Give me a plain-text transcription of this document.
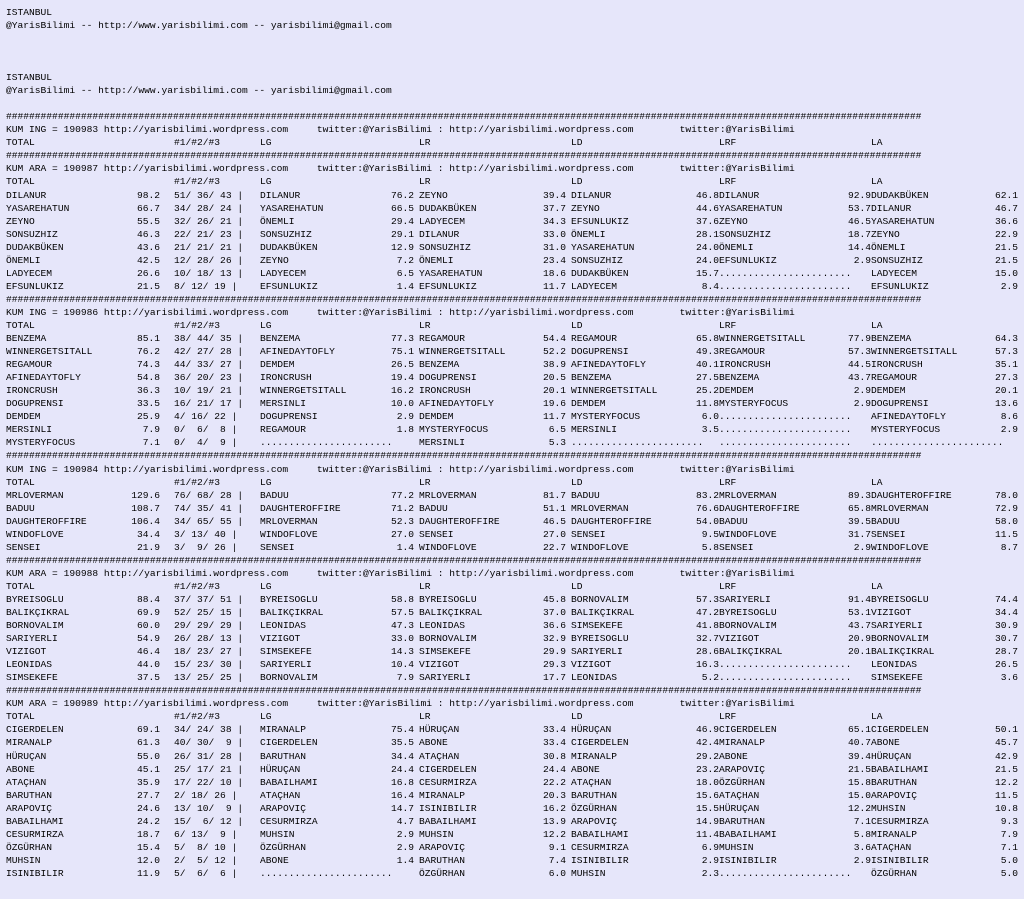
ISTANBUL
@YarisBilimi -- http://www.yarisbilimi.com -- yarisbilimi@gmail.com
ISTANBUL
@YarisBilimi -- http://www.yarisbilimi.com -- yarisbilimi@gmail.com
###############################################################################################################################################################
KUM ING = 190983 http://yarisbilimi.wordpress.com     twitter:@YarisBilimi : http://yarisbilimi.wordpress.com        twitter:@YarisBilimi
TOTAL	#1/#2/#3	LG	LR	LD	LRF	LA
###############################################################################################################################################################
KUM ARA = 190987 http://yarisbilimi.wordpress.com     twitter:@YarisBilimi : http://yarisbilimi.wordpress.com        twitter:@YarisBilimi
TOTAL	#1/#2/#3	LG	LR	LD	LRF	LA
DILANUR	98.2 51/ 36/ 43 | DILANUR	76.2 ZEYNO	39.4 DILANUR	46.8 DILANUR	92.9 DUDAKBÜKEN	62.1
YASAREHATUN	66.7 34/ 28/ 24 | YASAREHATUN	66.5 DUDAKBÜKEN	37.7 ZEYNO	44.6 YASAREHATUN	53.7 DILANUR	46.7
ZEYNO	55.5 32/ 26/ 21 | ÖNEMLI	29.4 LADYECEM	34.3 EFSUNLUKIZ	37.6 ZEYNO	46.5 YASAREHATUN	36.6
SONSUZHIZ	46.3 22/ 21/ 23 | SONSUZHIZ	29.1 DILANUR	33.0 ÖNEMLI	28.1 SONSUZHIZ	18.7 ZEYNO	22.9
DUDAKBÜKEN	43.6 21/ 21/ 21 | DUDAKBÜKEN	12.9 SONSUZHIZ	31.0 YASAREHATUN	24.0 ÖNEMLI	14.4 ÖNEMLI	21.5
ÖNEMLI	42.5 12/ 28/ 26 | ZEYNO	7.2 ÖNEMLI	23.4 SONSUZHIZ	24.0 EFSUNLUKIZ	2.9 SONSUZHIZ	21.5
LADYECEM	26.6 10/ 18/ 13 | LADYECEM	6.5 YASAREHATUN	18.6 DUDAKBÜKEN	15.7 ....................... LADYECEM	15.0
EFSUNLUKIZ	21.5 8/ 12/ 19 | EFSUNLUKIZ	1.4 EFSUNLUKIZ	11.7 LADYECEM	8.4 ....................... EFSUNLUKIZ	2.9
###############################################################################################################################################################
KUM ING = 190986 http://yarisbilimi.wordpress.com     twitter:@YarisBilimi : http://yarisbilimi.wordpress.com        twitter:@YarisBilimi
TOTAL	#1/#2/#3	LG	LR	LD	LRF	LA
BENZEMA	85.1 38/ 44/ 35 | BENZEMA	77.3 REGAMOUR	54.4 REGAMOUR	65.8 WINNERGETSITALL	77.9 BENZEMA	64.3
WINNERGETSITALL	76.2 42/ 27/ 28 | AFINEDAYTOFLY	75.1 WINNERGETSITALL	52.2 DOGUPRENSI	49.3 REGAMOUR	57.3 WINNERGETSITALL	57.3
REGAMOUR	74.3 44/ 33/ 27 | DEMDEM	26.5 BENZEMA	38.9 AFINEDAYTOFLY	40.1 IRONCRUSH	44.5 IRONCRUSH	35.1
AFINEDAYTOFLY	54.8 36/ 20/ 23 | IRONCRUSH	19.4 DOGUPRENSI	20.5 BENZEMA	27.5 BENZEMA	43.7 REGAMOUR	27.3
IRONCRUSH	36.3 10/ 19/ 21 | WINNERGETSITALL	16.2 IRONCRUSH	20.1 WINNERGETSITALL	25.2 DEMDEM	2.9 DEMDEM	20.1
DOGUPRENSI	33.5 16/ 21/ 17 | MERSINLI	10.0 AFINEDAYTOFLY	19.6 DEMDEM	11.8 MYSTERYFOCUS	2.9 DOGUPRENSI	13.6
DEMDEM	25.9 4/ 16/ 22 | DOGUPRENSI	2.9 DEMDEM	11.7 MYSTERYFOCUS	6.0 ....................... AFINEDAYTOFLY	8.6
MERSINLI	7.9 0/  6/  8 | REGAMOUR	1.8 MYSTERYFOCUS	6.5 MERSINLI	3.5 ....................... MYSTERYFOCUS	2.9
MYSTERYFOCUS	7.1 0/  4/  9 | .......................	MERSINLI	5.3 ....................... ....................... .......................
###############################################################################################################################################################
KUM ING = 190984 http://yarisbilimi.wordpress.com     twitter:@YarisBilimi : http://yarisbilimi.wordpress.com        twitter:@YarisBilimi
TOTAL	#1/#2/#3	LG	LR	LD	LRF	LA
MRLOVERMAN	129.6 76/ 68/ 28 | BADUU	77.2 MRLOVERMAN	81.7 BADUU	83.2 MRLOVERMAN	89.3 DAUGHTEROFFIRE	78.0
BADUU	108.7 74/ 35/ 41 | DAUGHTEROFFIRE	71.2 BADUU	51.1 MRLOVERMAN	76.6 DAUGHTEROFFIRE	65.8 MRLOVERMAN	72.9
DAUGHTEROFFIRE	106.4 34/ 65/ 55 | MRLOVERMAN	52.3 DAUGHTEROFFIRE	46.5 DAUGHTEROFFIRE	54.0 BADUU	39.5 BADUU	58.0
WINDOFLOVE	34.4 3/ 13/ 40 | WINDOFLOVE	27.0 SENSEI	27.0 SENSEI	9.5 WINDOFLOVE	31.7 SENSEI	11.5
SENSEI	21.9 3/  9/ 26 | SENSEI	1.4 WINDOFLOVE	22.7 WINDOFLOVE	5.8 SENSEI	2.9 WINDOFLOVE	8.7
###############################################################################################################################################################
KUM ARA = 190988 http://yarisbilimi.wordpress.com     twitter:@YarisBilimi : http://yarisbilimi.wordpress.com        twitter:@YarisBilimi
TOTAL	#1/#2/#3	LG	LR	LD	LRF	LA
BYREISOGLU	88.4 37/ 37/ 51 | BYREISOGLU	58.8 BYREISOGLU	45.8 BORNOVALIM	57.3 SARIYERLI	91.4 BYREISOGLU	74.4
BALIKÇIKRAL	69.9 52/ 25/ 15 | BALIKÇIKRAL	57.5 BALIKÇIKRAL	37.0 BALIKÇIKRAL	47.2 BYREISOGLU	53.1 VIZIGOT	34.4
BORNOVALIM	60.0 29/ 29/ 29 | LEONIDAS	47.3 LEONIDAS	36.6 SIMSEKEFE	41.8 BORNOVALIM	43.7 SARIYERLI	30.9
SARIYERLI	54.9 26/ 28/ 13 | VIZIGOT	33.0 BORNOVALIM	32.9 BYREISOGLU	32.7 VIZIGOT	20.9 BORNOVALIM	30.7
VIZIGOT	46.4 18/ 23/ 27 | SIMSEKEFE	14.3 SIMSEKEFE	29.9 SARIYERLI	28.6 BALIKÇIKRAL	20.1 BALIKÇIKRAL	28.7
LEONIDAS	44.0 15/ 23/ 30 | SARIYERLI	10.4 VIZIGOT	29.3 VIZIGOT	16.3 ....................... LEONIDAS	26.5
SIMSEKEFE	37.5 13/ 25/ 25 | BORNOVALIM	7.9 SARIYERLI	17.7 LEONIDAS	5.2 ....................... SIMSEKEFE	3.6
###############################################################################################################################################################
KUM ARA = 190989 http://yarisbilimi.wordpress.com     twitter:@YarisBilimi : http://yarisbilimi.wordpress.com        twitter:@YarisBilimi
TOTAL	#1/#2/#3	LG	LR	LD	LRF	LA
CIGERDELEN	69.1 34/ 24/ 38 | MIRANALP	75.4 HÜRUÇAN	33.4 HÜRUÇAN	46.9 CIGERDELEN	65.1 CIGERDELEN	50.1
MIRANALP	61.3 40/ 30/  9 | CIGERDELEN	35.5 ABONE	33.4 CIGERDELEN	42.4 MIRANALP	40.7 ABONE	45.7
HÜRUÇAN	55.0 26/ 31/ 28 | BARUTHAN	34.4 ATAÇHAN	30.8 MIRANALP	29.2 ABONE	39.4 HÜRUÇAN	42.9
ABONE	45.1 25/ 17/ 21 | HÜRUÇAN	24.4 CIGERDELEN	24.4 ABONE	23.2 ARAPOVIÇ	21.5 BABAILHAMI	21.5
ATAÇHAN	35.9 17/ 22/ 10 | BABAILHAMI	16.8 CESURMIRZA	22.2 ATAÇHAN	18.0 ÖZGÜRHAN	15.8 BARUTHAN	12.2
BARUTHAN	27.7 2/ 18/ 26 | ATAÇHAN	16.4 MIRANALP	20.3 BARUTHAN	15.6 ATAÇHAN	15.0 ARAPOVIÇ	11.5
ARAPOVIÇ	24.6 13/ 10/  9 | ARAPOVIÇ	14.7 ISINIBILIR	16.2 ÖZGÜRHAN	15.5 HÜRUÇAN	12.2 MUHSIN	10.8
BABAILHAMI	24.2 15/  6/ 12 | CESURMIRZA	4.7 BABAILHAMI	13.9 ARAPOVIÇ	14.9 BARUTHAN	7.1 CESURMIRZA	9.3
CESURMIRZA	18.7 6/ 13/  9 | MUHSIN	2.9 MUHSIN	12.2 BABAILHAMI	11.4 BABAILHAMI	5.8 MIRANALP	7.9
ÖZGÜRHAN	15.4 5/  8/ 10 | ÖZGÜRHAN	2.9 ARAPOVIÇ	9.1 CESURMIRZA	6.9 MUHSIN	3.6 ATAÇHAN	7.1
MUHSIN	12.0 2/  5/ 12 | ABONE	1.4 BARUTHAN	7.4 ISINIBILIR	2.9 ISINIBILIR	2.9 ISINIBILIR	5.0
ISINIBILIR	11.9 5/  6/  6 | .......................	ÖZGÜRHAN	6.0 MUHSIN	2.3 ....................... ÖZGÜRHAN	5.0
